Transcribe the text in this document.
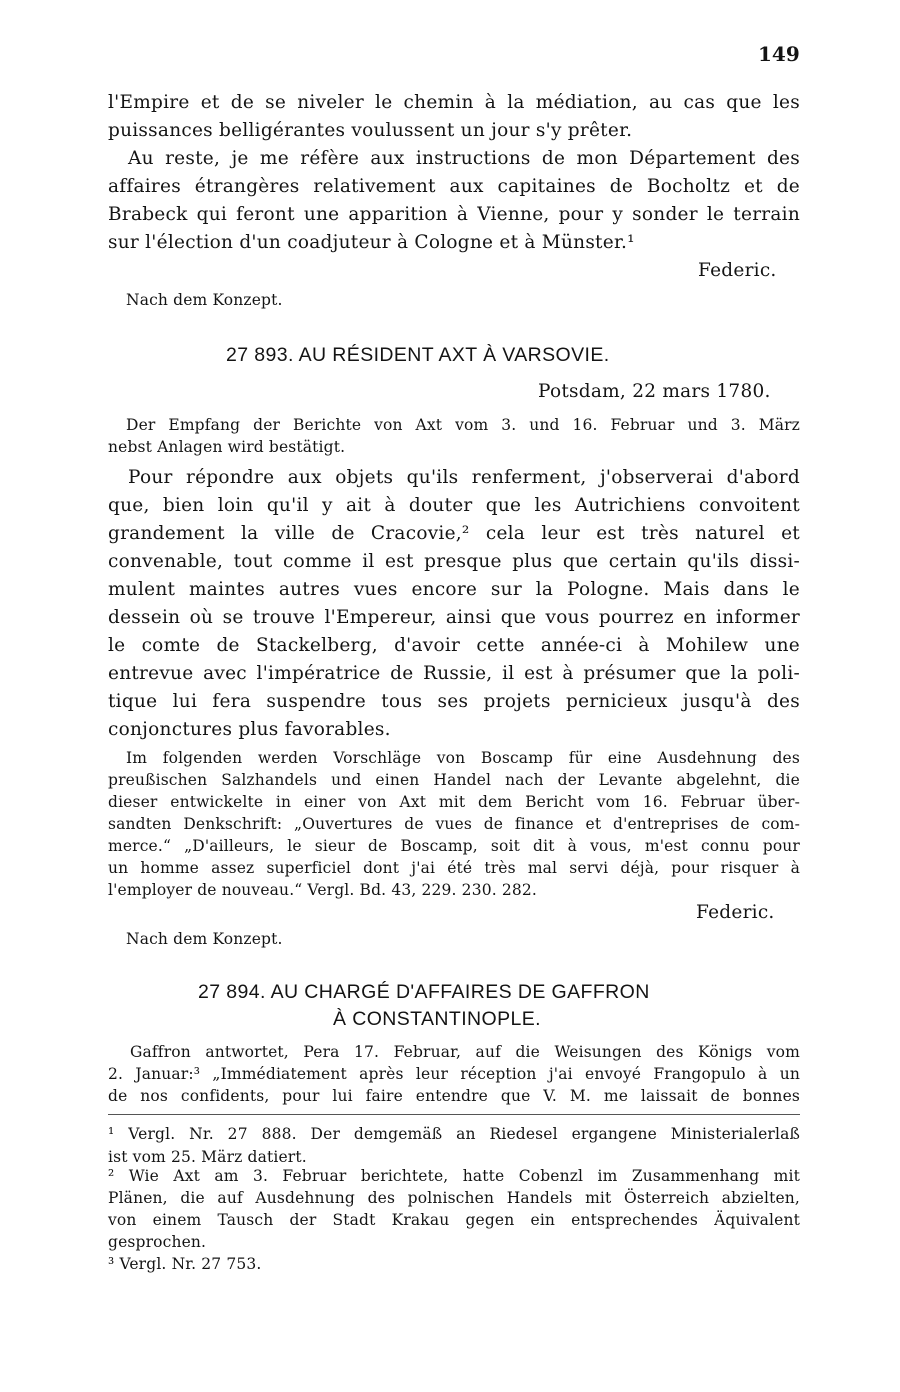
149

l'Empire et de se niveler le chemin à la médiation, au cas que les

puissances belligérantes voulussent un jour s'y prêter.

Au reste, je me réfère aux instructions de mon Département des

affaires étrangères relativement aux capitaines de Bocholtz et de

Brabeck qui feront une apparition à Vienne, pour y sonder le terrain

sur l'élection d'un coadjuteur à Cologne et à Münster.¹

Federic.

Nach dem Konzept.

27 893. AU RÉSIDENT AXT À VARSOVIE.

Potsdam, 22 mars 1780.

Der Empfang der Berichte von Axt vom 3. und 16. Februar und 3. März

nebst Anlagen wird bestätigt.

Pour répondre aux objets qu'ils renferment, j'observerai d'abord

que, bien loin qu'il y ait à douter que les Autrichiens convoitent

grandement la ville de Cracovie,² cela leur est très naturel et

convenable, tout comme il est presque plus que certain qu'ils dissi-

mulent maintes autres vues encore sur la Pologne. Mais dans le

dessein où se trouve l'Empereur, ainsi que vous pourrez en informer

le comte de Stackelberg, d'avoir cette année-ci à Mohilew une

entrevue avec l'impératrice de Russie, il est à présumer que la poli-

tique lui fera suspendre tous ses projets pernicieux jusqu'à des

conjonctures plus favorables.

Im folgenden werden Vorschläge von Boscamp für eine Ausdehnung des

preußischen Salzhandels und einen Handel nach der Levante abgelehnt, die

dieser entwickelte in einer von Axt mit dem Bericht vom 16. Februar über-

sandten Denkschrift: „Ouvertures de vues de finance et d'entreprises de com-

merce.“ „D'ailleurs, le sieur de Boscamp, soit dit à vous, m'est connu pour

un homme assez superficiel dont j'ai été très mal servi déjà, pour risquer à

l'employer de nouveau.“ Vergl. Bd. 43, 229. 230. 282.

Federic.

Nach dem Konzept.

27 894. AU CHARGÉ D'AFFAIRES DE GAFFRON

À CONSTANTINOPLE.

Gaffron antwortet, Pera 17. Februar, auf die Weisungen des Königs vom

2. Januar:³ „Immédiatement après leur réception j'ai envoyé Frangopulo à un

de nos confidents, pour lui faire entendre que V. M. me laissait de bonnes

¹ Vergl. Nr. 27 888. Der demgemäß an Riedesel ergangene Ministerialerlaß

ist vom 25. März datiert.

² Wie Axt am 3. Februar berichtete, hatte Cobenzl im Zusammenhang mit

Plänen, die auf Ausdehnung des polnischen Handels mit Österreich abzielten,

von einem Tausch der Stadt Krakau gegen ein entsprechendes Äquivalent

gesprochen.

³ Vergl. Nr. 27 753.
